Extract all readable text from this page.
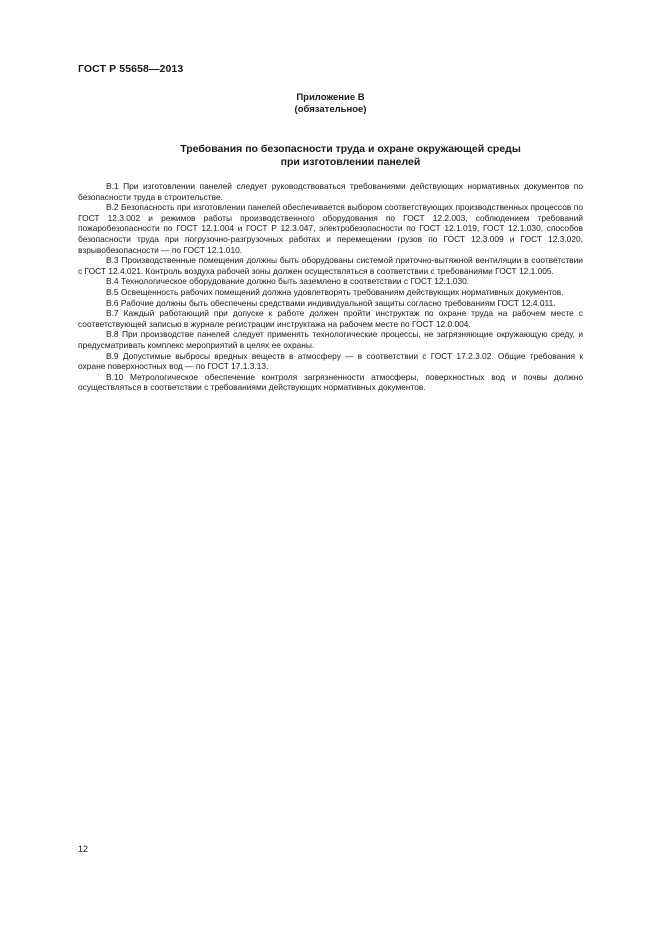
ГОСТ Р 55658—2013
Приложение В
(обязательное)
Требования по безопасности труда и охране окружающей среды
при изготовлении панелей

В.1 При изготовлении панелей следует руководствоваться требованиями действующих нормативных документов по безопасности труда в строительстве.

В.2 Безопасность при изготовлении панелей обеспечивается выбором соответствующих производственных процессов по ГОСТ 12.3.002 и режимов работы производственного оборудования по ГОСТ 12.2.003, соблюдением требований пожаробезопасности по ГОСТ 12.1.004 и ГОСТ Р 12.3.047, электробезопасности по ГОСТ 12.1.019, ГОСТ 12.1.030, способов безопасности труда при погрузочно-разгрузочных работах и перемещении грузов по ГОСТ 12.3.009 и ГОСТ 12.3.020, взрывобезопасности — по ГОСТ 12.1.010.

В.3 Производственные помещения должны быть оборудованы системой приточно-вытяжной вентиляции в соответствии с ГОСТ 12.4.021. Контроль воздуха рабочей зоны должен осуществляться в соответствии с требованиями ГОСТ 12.1.005.

В.4 Технологическое оборудование должно быть заземлено в соответствии с ГОСТ 12.1.030.

В.5 Освещенность рабочих помещений должна удовлетворять требованиям действующих нормативных документов.

В.6 Рабочие должны быть обеспечены средствами индивидуальной защиты согласно требованиям ГОСТ 12.4.011.

В.7 Каждый работающий при допуске к работе должен пройти инструктаж по охране труда на рабочем месте с соответствующей записью в журнале регистрации инструктажа на рабочем месте по ГОСТ 12.0.004.

В.8 При производстве панелей следует применять технологические процессы, не загрязняющие окружающую среду, и предусматривать комплекс мероприятий в целях ее охраны.

В.9 Допустимые выбросы вредных веществ в атмосферу — в соответствии с ГОСТ 17.2.3.02. Общие требования к охране поверхностных вод — по ГОСТ 17.1.3.13.

В.10 Метрологическое обеспечение контроля загрязненности атмосферы, поверхностных вод и почвы должно осуществляться в соответствии с требованиями действующих нормативных документов.

12
